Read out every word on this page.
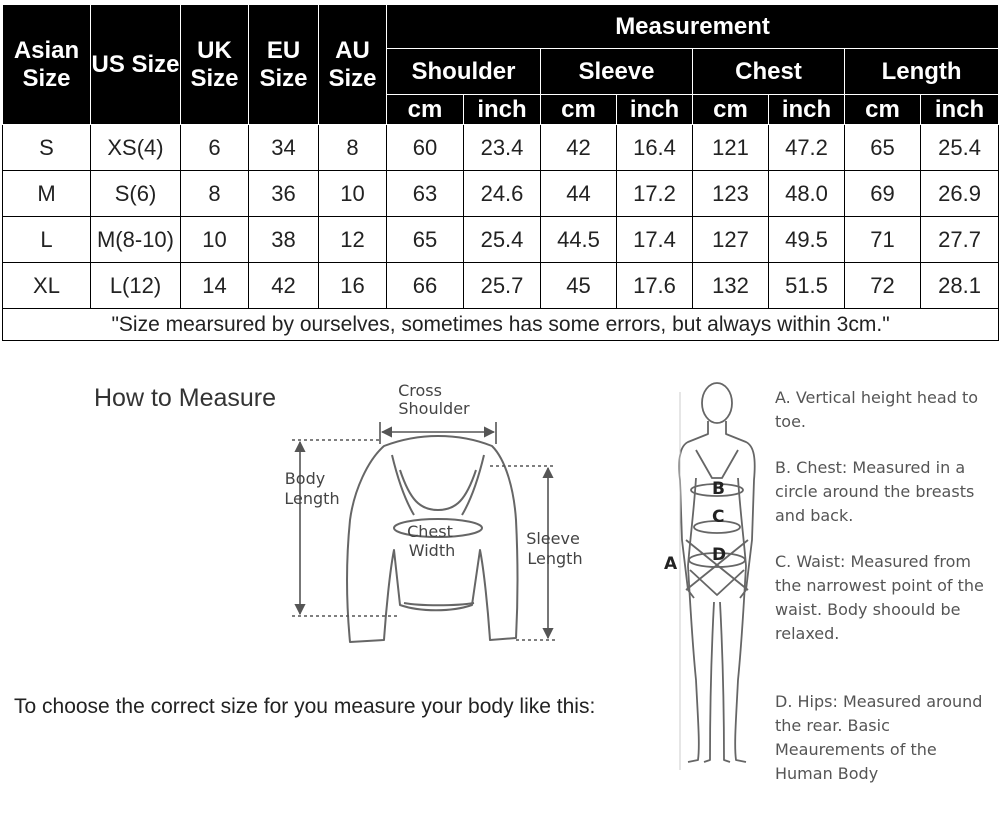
Asian Size	US Size	UK Size	EU Size	AU Size	Measurement							
					Shoulder		Sleeve		Chest		Length	
					cm	inch	cm	inch	cm	inch	cm	inch
S	XS(4)	6	34	8	60	23.4	42	16.4	121	47.2	65	25.4
M	S(6)	8	36	10	63	24.6	44	17.2	123	48.0	69	26.9
L	M(8-10)	10	38	12	65	25.4	44.5	17.4	127	49.5	71	27.7
XL	L(12)	14	42	16	66	25.7	45	17.6	132	51.5	72	28.1
"Size mearsured by ourselves, sometimes has some errors, but always within 3cm."												
How to Measure	Cross
Shoulder
Body
Length
Chest
Width
Sleeve
Length	A
B
C
D
A. Vertical height head to toe.
B. Chest: Measured in a circle around the breasts and back.
C. Waist: Measured from the narrowest point of the waist. Body shoould be relaxed.
D. Hips: Measured around the rear. Basic Meaurements of the Human Body
To choose the correct size for you measure your body like this:
